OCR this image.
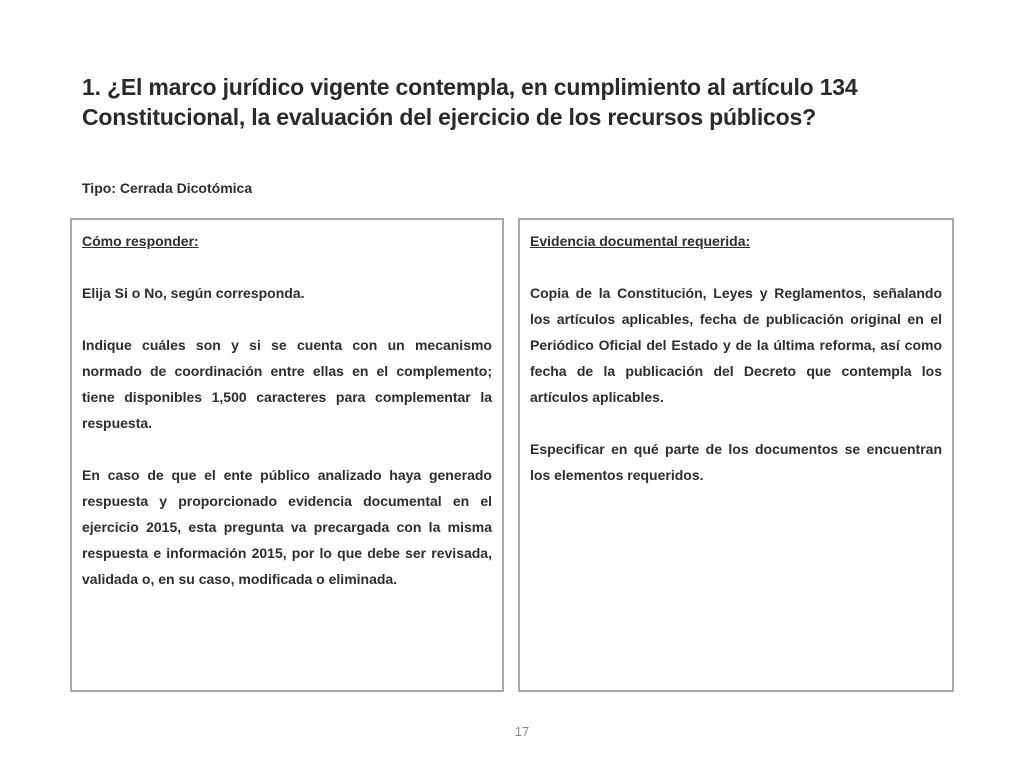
1. ¿El marco jurídico vigente contempla, en cumplimiento al artículo 134 Constitucional, la evaluación del ejercicio de los recursos públicos?
Tipo: Cerrada Dicotómica

Cómo responder:

Elija Si o No, según corresponda.

Indique cuáles son y si se cuenta con un mecanismo normado de coordinación entre ellas en el complemento; tiene disponibles 1,500 caracteres para complementar la respuesta.

En caso de que el ente público analizado haya generado respuesta y proporcionado evidencia documental en el ejercicio 2015, esta pregunta va precargada con la misma respuesta e información 2015, por lo que debe ser revisada, validada o, en su caso, modificada o eliminada.

Evidencia documental requerida:

Copia de la Constitución, Leyes y Reglamentos, señalando los artículos aplicables, fecha de publicación original en el Periódico Oficial del Estado y de la última reforma, así como fecha de la publicación del Decreto que contempla los artículos aplicables.

Especificar en qué parte de los documentos se encuentran los elementos requeridos.

17
